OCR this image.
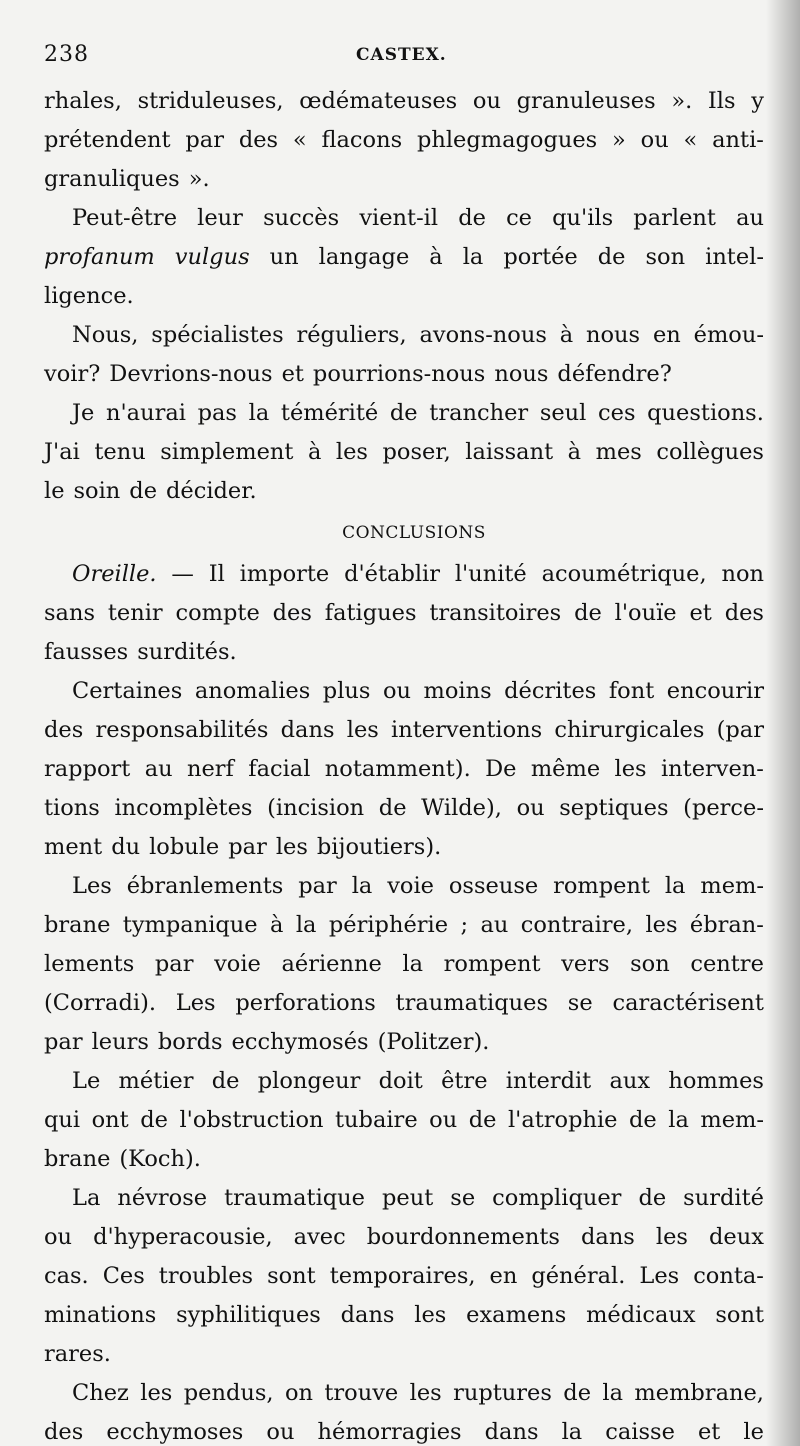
238	CASTEX.
rhales, striduleuses, œdémateuses ou granuleuses ». Ils y
prétendent par des « flacons phlegmagogues » ou « anti-
granuliques ».
Peut-être leur succès vient-il de ce qu'ils parlent au
profanum vulgus un langage à la portée de son intel-
ligence.
Nous, spécialistes réguliers, avons-nous à nous en émou-
voir? Devrions-nous et pourrions-nous nous défendre?
Je n'aurai pas la témérité de trancher seul ces questions.
J'ai tenu simplement à les poser, laissant à mes collègues
le soin de décider.
CONCLUSIONS
Oreille. — Il importe d'établir l'unité acoumétrique, non
sans tenir compte des fatigues transitoires de l'ouïe et des
fausses surdités.
Certaines anomalies plus ou moins décrites font encourir
des responsabilités dans les interventions chirurgicales (par
rapport au nerf facial notamment). De même les interven-
tions incomplètes (incision de Wilde), ou septiques (perce-
ment du lobule par les bijoutiers).
Les ébranlements par la voie osseuse rompent la mem-
brane tympanique à la périphérie ; au contraire, les ébran-
lements par voie aérienne la rompent vers son centre
(Corradi). Les perforations traumatiques se caractérisent
par leurs bords ecchymosés (Politzer).
Le métier de plongeur doit être interdit aux hommes
qui ont de l'obstruction tubaire ou de l'atrophie de la mem-
brane (Koch).
La névrose traumatique peut se compliquer de surdité
ou d'hyperacousie, avec bourdonnements dans les deux
cas. Ces troubles sont temporaires, en général. Les conta-
minations syphilitiques dans les examens médicaux sont
rares.
Chez les pendus, on trouve les ruptures de la membrane,
des ecchymoses ou hémorragies dans la caisse et le
